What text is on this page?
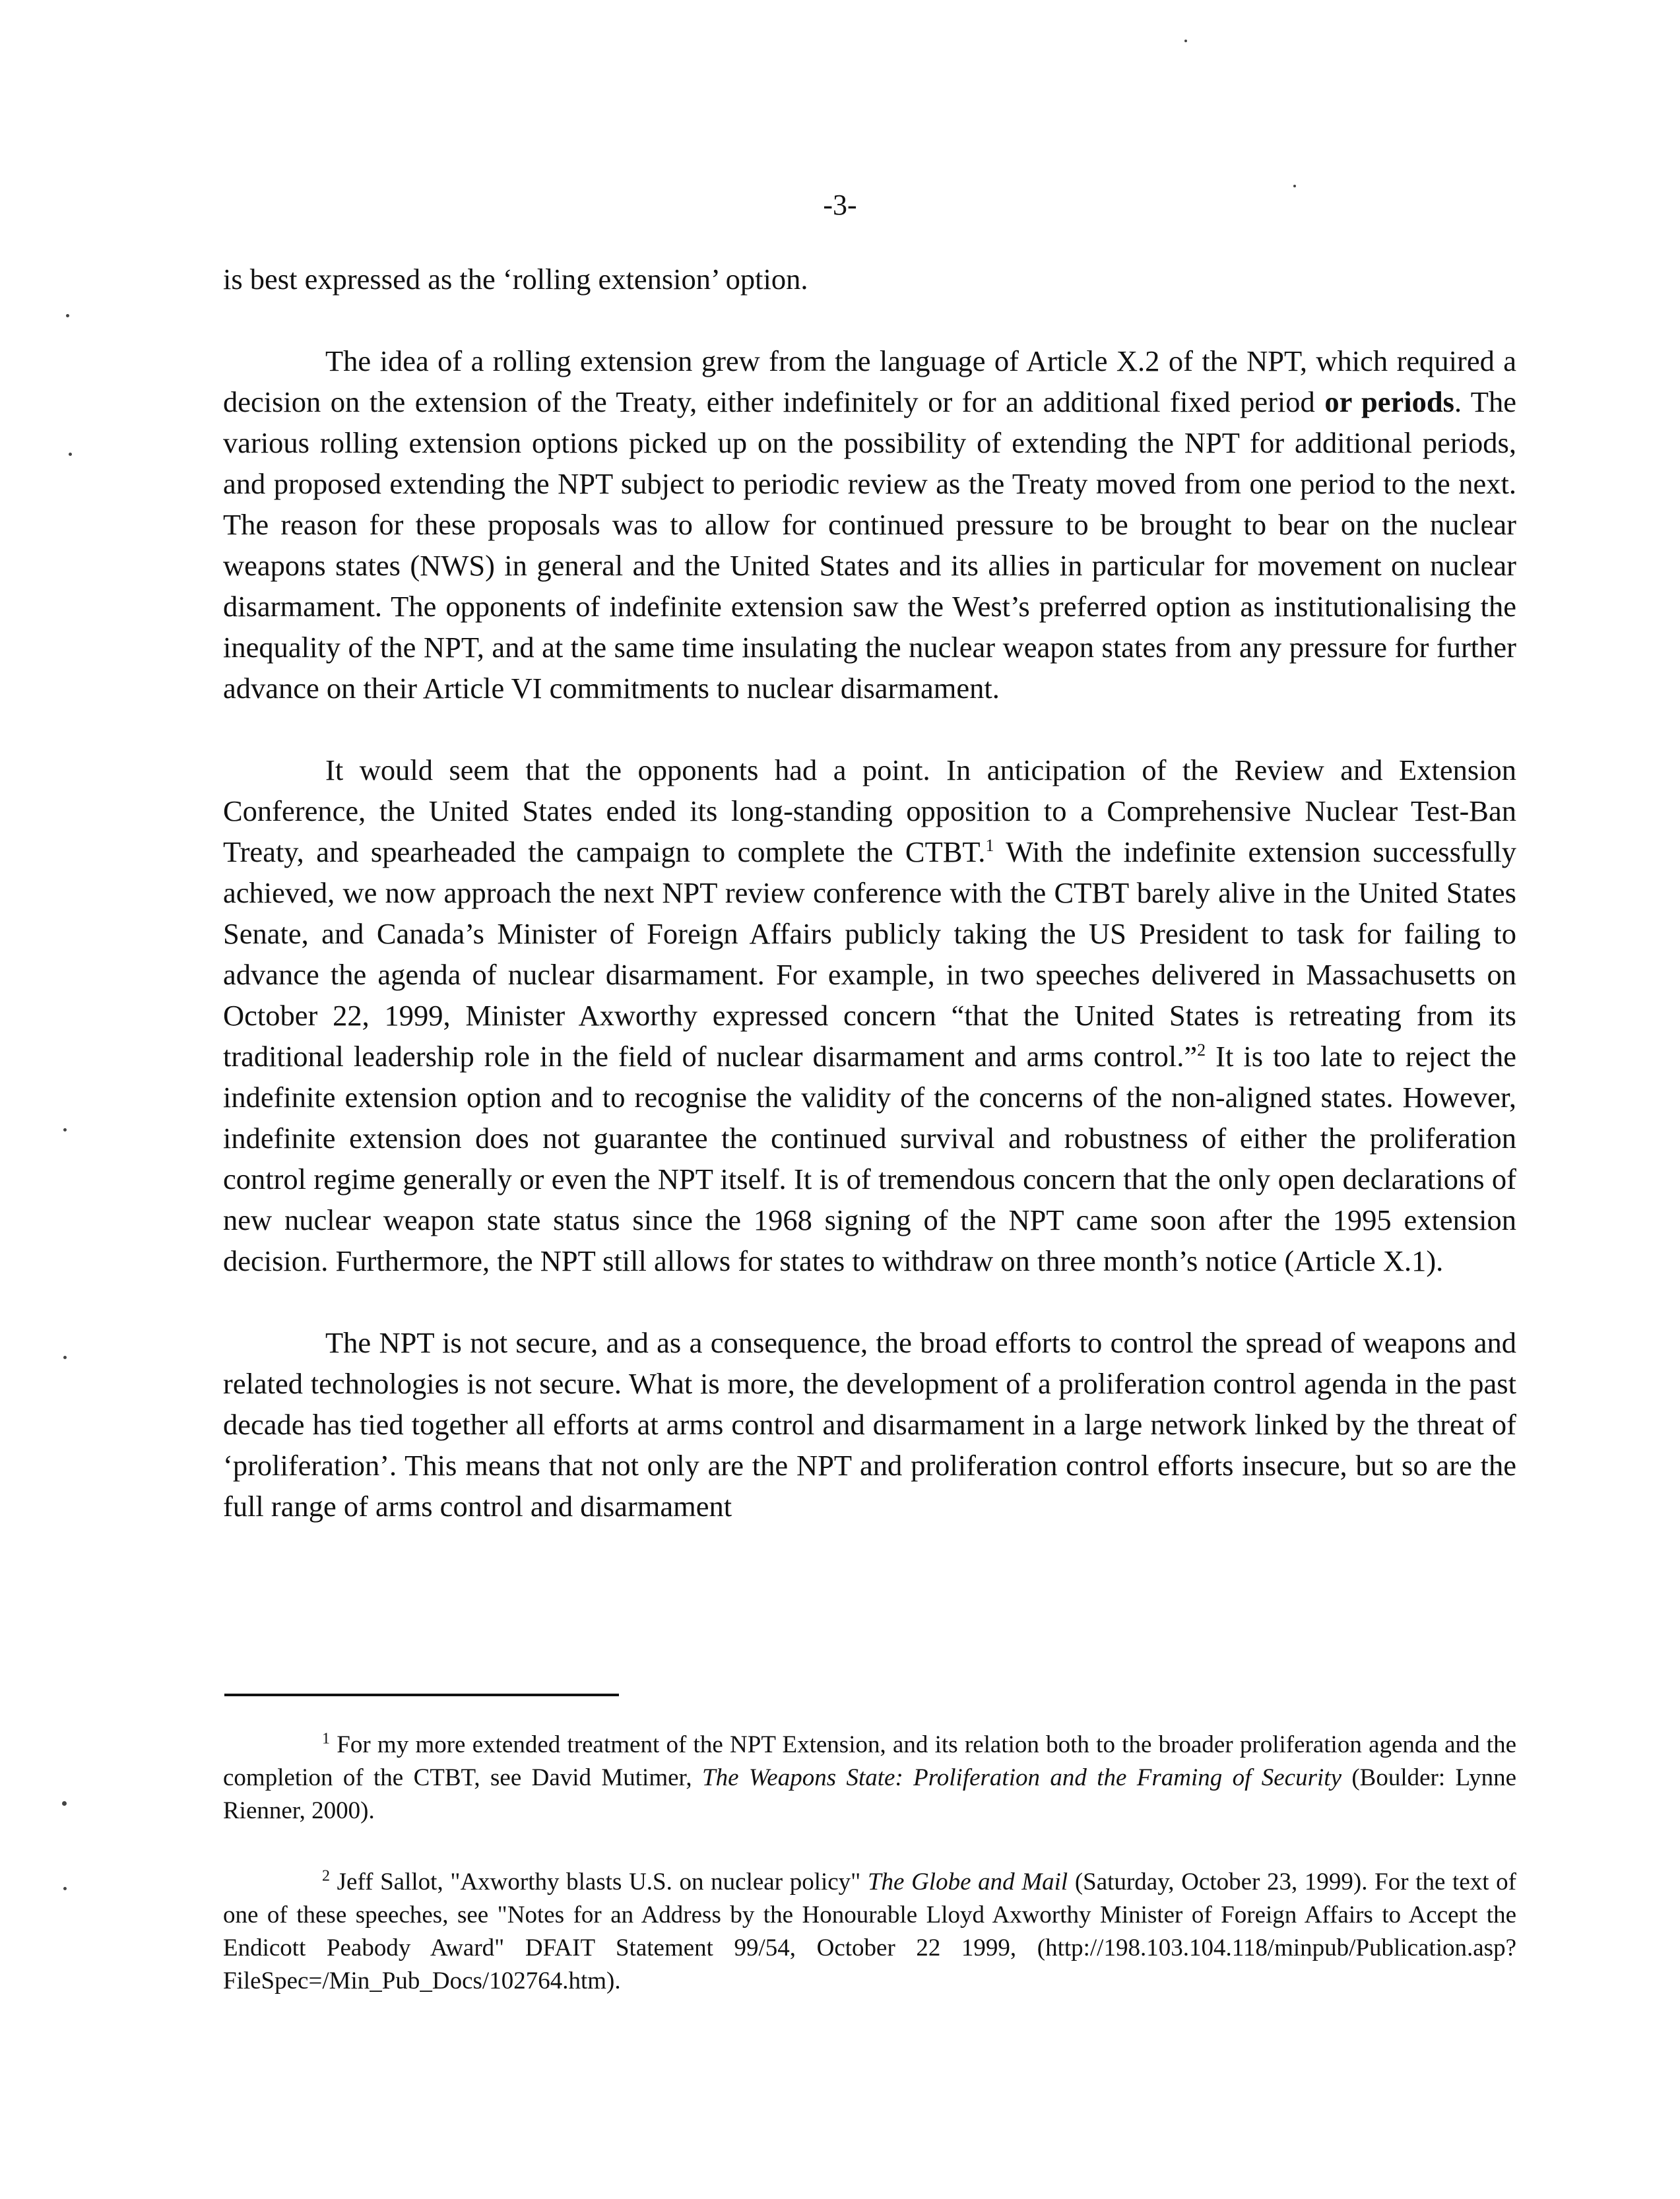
-3-

is best expressed as the ‘rolling extension’ option.

The idea of a rolling extension grew from the language of Article X.2 of the NPT, which required a decision on the extension of the Treaty, either indefinitely or for an additional fixed period or periods. The various rolling extension options picked up on the possibility of extending the NPT for additional periods, and proposed extending the NPT subject to periodic review as the Treaty moved from one period to the next. The reason for these proposals was to allow for continued pressure to be brought to bear on the nuclear weapons states (NWS) in general and the United States and its allies in particular for movement on nuclear disarmament. The opponents of indefinite extension saw the West’s preferred option as institutionalising the inequality of the NPT, and at the same time insulating the nuclear weapon states from any pressure for further advance on their Article VI commitments to nuclear disarmament.

It would seem that the opponents had a point. In anticipation of the Review and Extension Conference, the United States ended its long-standing opposition to a Comprehensive Nuclear Test-Ban Treaty, and spearheaded the campaign to complete the CTBT.$^1$ With the indefinite extension successfully achieved, we now approach the next NPT review conference with the CTBT barely alive in the United States Senate, and Canada’s Minister of Foreign Affairs publicly taking the US President to task for failing to advance the agenda of nuclear disarmament. For example, in two speeches delivered in Massachusetts on October 22, 1999, Minister Axworthy expressed concern “that the United States is retreating from its traditional leadership role in the field of nuclear disarmament and arms control.”$^2$ It is too late to reject the indefinite extension option and to recognise the validity of the concerns of the non-aligned states. However, indefinite extension does not guarantee the continued survival and robustness of either the proliferation control regime generally or even the NPT itself. It is of tremendous concern that the only open declarations of new nuclear weapon state status since the 1968 signing of the NPT came soon after the 1995 extension decision. Furthermore, the NPT still allows for states to withdraw on three month’s notice (Article X.1).

The NPT is not secure, and as a consequence, the broad efforts to control the spread of weapons and related technologies is not secure. What is more, the development of a proliferation control agenda in the past decade has tied together all efforts at arms control and disarmament in a large network linked by the threat of ‘proliferation’. This means that not only are the NPT and proliferation control efforts insecure, but so are the full range of arms control and disarmament

$^1$ For my more extended treatment of the NPT Extension, and its relation both to the broader proliferation agenda and the completion of the CTBT, see David Mutimer, The Weapons State: Proliferation and the Framing of Security (Boulder: Lynne Rienner, 2000).

$^2$ Jeff Sallot, "Axworthy blasts U.S. on nuclear policy" The Globe and Mail (Saturday, October 23, 1999). For the text of one of these speeches, see "Notes for an Address by the Honourable Lloyd Axworthy Minister of Foreign Affairs to Accept the Endicott Peabody Award" DFAIT Statement 99/54, October 22 1999, (http://198.103.104.118/minpub/Publication.asp?FileSpec=/Min_Pub_Docs/102764.htm).
